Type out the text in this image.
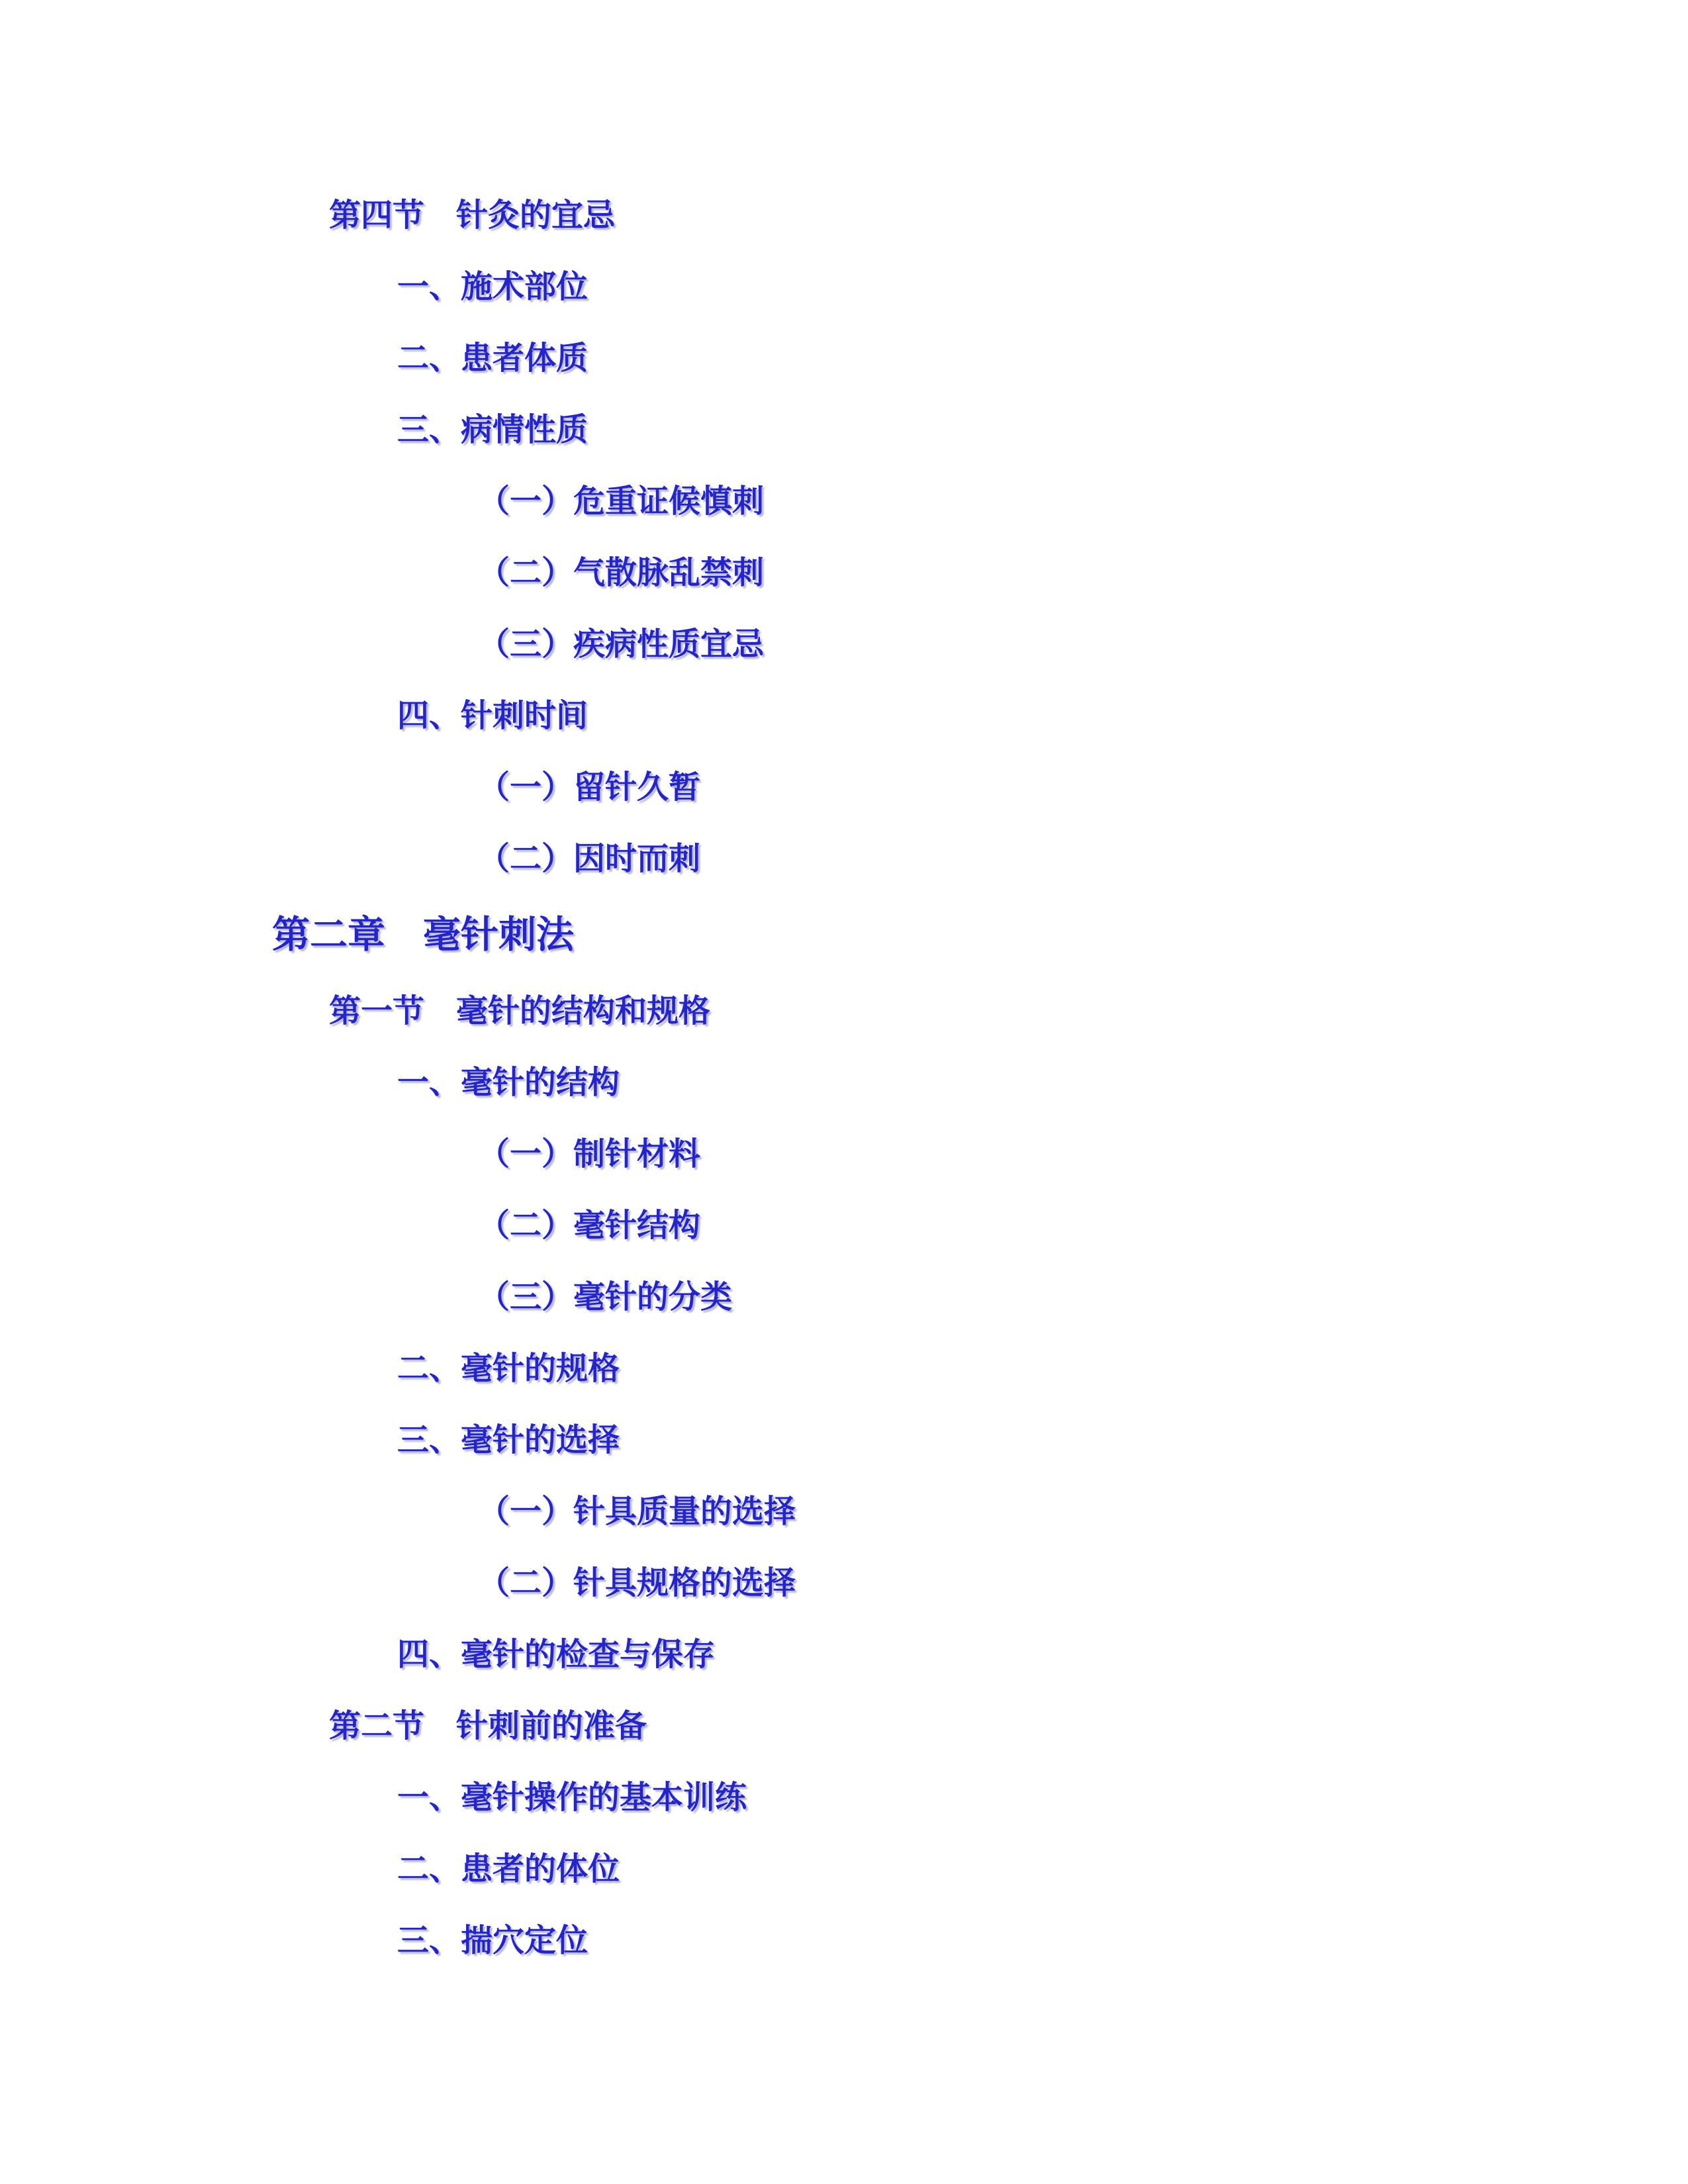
第四节　针灸的宜忌
一、施术部位
二、患者体质
三、病情性质
（一）危重证候慎刺
（二）气散脉乱禁刺
（三）疾病性质宜忌
四、针刺时间
（一）留针久暂
（二）因时而刺
第二章　毫针刺法
第一节　毫针的结构和规格
一、毫针的结构
（一）制针材料
（二）毫针结构
（三）毫针的分类
二、毫针的规格
三、毫针的选择
（一）针具质量的选择
（二）针具规格的选择
四、毫针的检查与保存
第二节　针刺前的准备
一、毫针操作的基本训练
二、患者的体位
三、揣穴定位
